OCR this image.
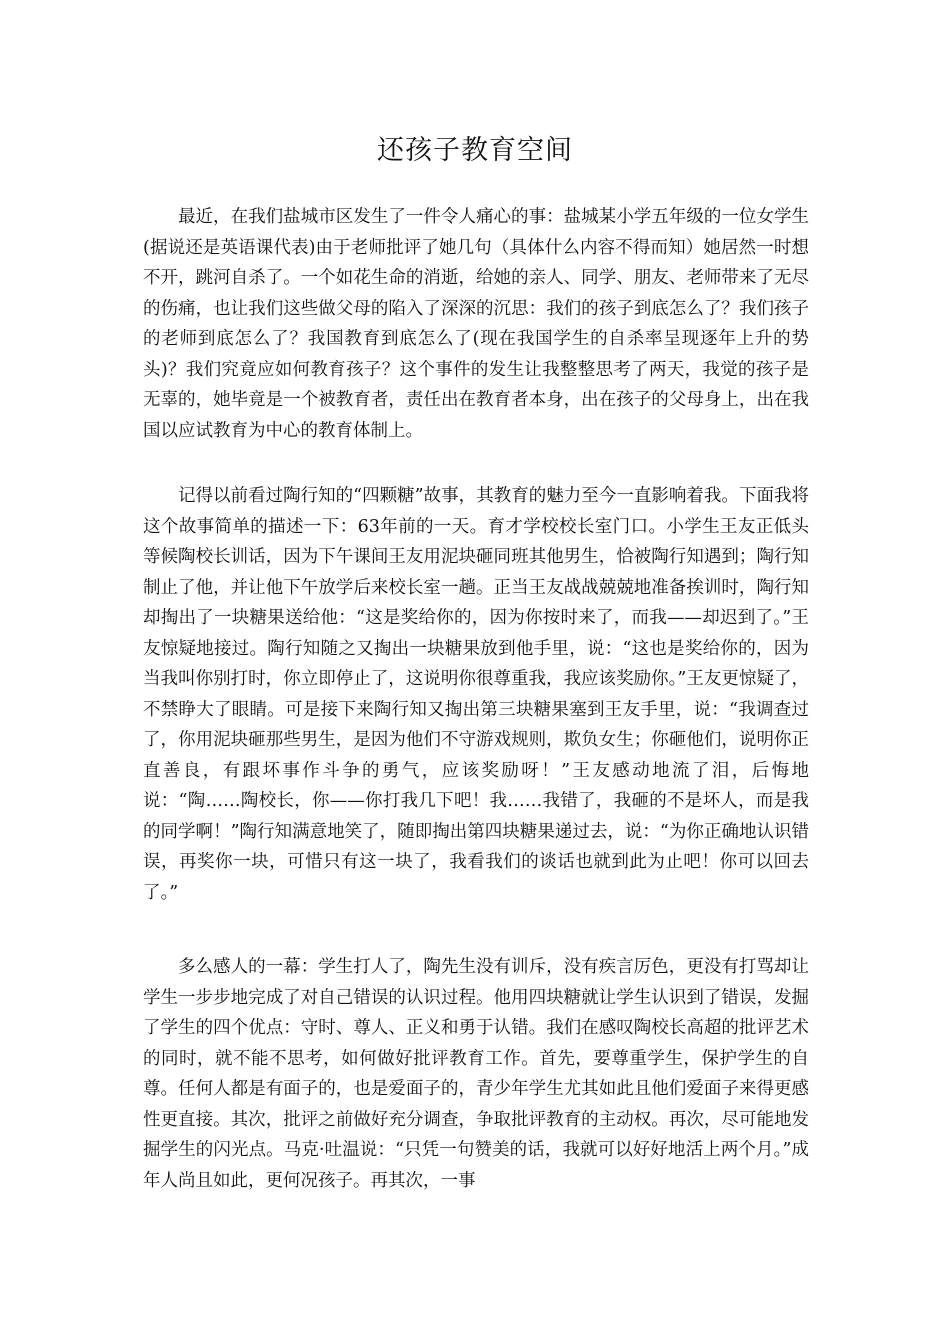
还孩子教育空间

最近，在我们盐城市区发生了一件令人痛心的事：盐城某小学五年级的一位女学生(据说还是英语课代表)由于老师批评了她几句（具体什么内容不得而知）她居然一时想不开，跳河自杀了。一个如花生命的消逝，给她的亲人、同学、朋友、老师带来了无尽的伤痛，也让我们这些做父母的陷入了深深的沉思：我们的孩子到底怎么了？我们孩子的老师到底怎么了？我国教育到底怎么了(现在我国学生的自杀率呈现逐年上升的势头)？我们究竟应如何教育孩子？这个事件的发生让我整整思考了两天，我觉的孩子是无辜的，她毕竟是一个被教育者，责任出在教育者本身，出在孩子的父母身上，出在我国以应试教育为中心的教育体制上。

记得以前看过陶行知的“四颗糖”故事，其教育的魅力至今一直影响着我。下面我将这个故事简单的描述一下：63年前的一天。育才学校校长室门口。小学生王友正低头等候陶校长训话，因为下午课间王友用泥块砸同班其他男生，恰被陶行知遇到；陶行知制止了他，并让他下午放学后来校长室一趟。正当王友战战兢兢地准备挨训时，陶行知却掏出了一块糖果送给他：“这是奖给你的，因为你按时来了，而我——却迟到了。”王友惊疑地接过。陶行知随之又掏出一块糖果放到他手里，说：“这也是奖给你的，因为当我叫你别打时，你立即停止了，这说明你很尊重我，我应该奖励你。”王友更惊疑了，不禁睁大了眼睛。可是接下来陶行知又掏出第三块糖果塞到王友手里，说：“我调查过了，你用泥块砸那些男生，是因为他们不守游戏规则，欺负女生；你砸他们，说明你正直善良，有跟坏事作斗争的勇气，应该奖励呀！”王友感动地流了泪，后悔地说：“陶……陶校长，你——你打我几下吧！我……我错了，我砸的不是坏人，而是我的同学啊！”陶行知满意地笑了，随即掏出第四块糖果递过去，说：“为你正确地认识错误，再奖你一块，可惜只有这一块了，我看我们的谈话也就到此为止吧！你可以回去了。”

多么感人的一幕：学生打人了，陶先生没有训斥，没有疾言厉色，更没有打骂却让学生一步步地完成了对自己错误的认识过程。他用四块糖就让学生认识到了错误，发掘了学生的四个优点：守时、尊人、正义和勇于认错。我们在感叹陶校长高超的批评艺术的同时，就不能不思考，如何做好批评教育工作。首先，要尊重学生，保护学生的自尊。任何人都是有面子的，也是爱面子的，青少年学生尤其如此且他们爱面子来得更感性更直接。其次，批评之前做好充分调查，争取批评教育的主动权。再次，尽可能地发掘学生的闪光点。马克·吐温说：“只凭一句赞美的话，我就可以好好地活上两个月。”成年人尚且如此，更何况孩子。再其次，一事
